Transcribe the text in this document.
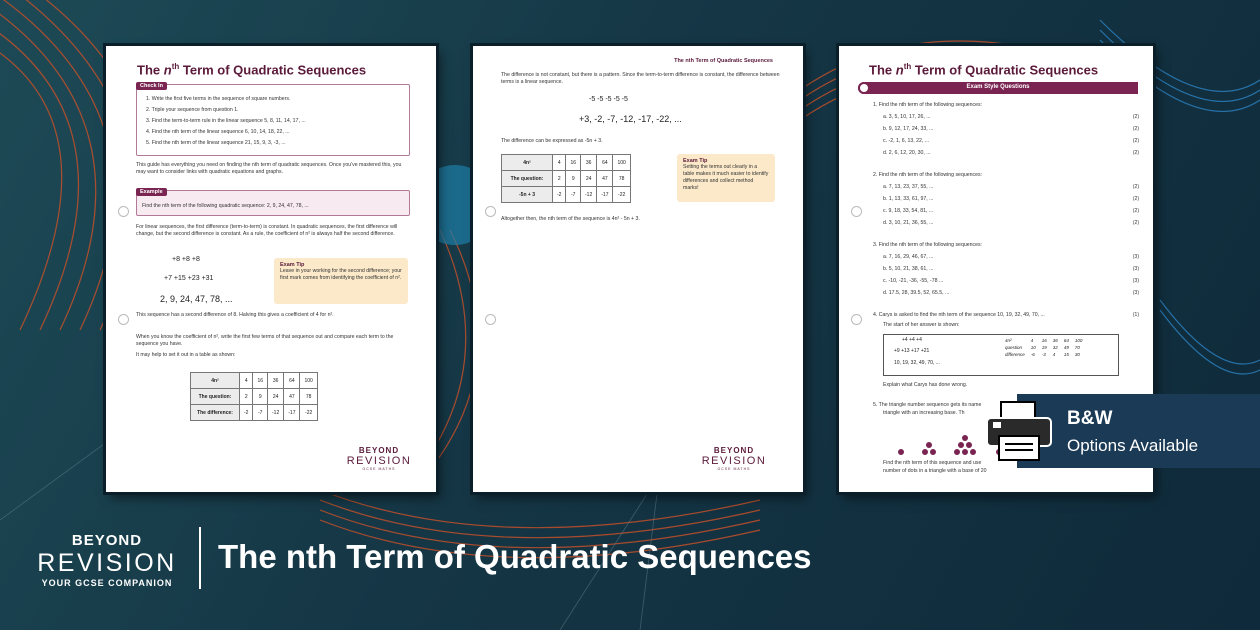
The $n^{th}$ Term of Quadratic Sequences
Check In
1. Write the first five terms in the sequence of square numbers.
2. Triple your sequence from question 1.
3. Find the term-to-term rule in the linear sequence 5, 8, 11, 14, 17, ...
4. Find the nth term of the linear sequence 6, 10, 14, 18, 22, ...
5. Find the nth term of the linear sequence 21, 15, 9, 3, -3, ...
This guide has everything you need on finding the nth term of quadratic sequences. Once you've mastered this, you may want to consider links with quadratic equations and graphs.
Example
Find the nth term of the following quadratic sequence: 2, 9, 24, 47, 78, ...
For linear sequences, the first difference (term-to-term) is constant. In quadratic sequences, the first difference will change, but the second difference is constant. As a rule, the coefficient of n² is always half the second difference.
+8 +8 +8
+7 +15 +23 +31
2, 9, 24, 47, 78, ...
Exam Tip
Leave in your working for the second difference; your first mark comes from identifying the coefficient of n².
This sequence has a second difference of 8. Halving this gives a coefficient of 4 for n².
When you know the coefficient of n², write the first few terms of that sequence out and compare each term to the sequence you have.
It may help to set it out in a table as shown:
4n²	4	16	36	64	100
The question:	2	9	24	47	78
The difference:	-2	-7	-12	-17	-22
BEYOND
REVISION
GCSE MATHS
The nth Term of Quadratic Sequences
The difference is not constant, but there is a pattern. Since the term-to-term difference is constant, the difference between terms is a linear sequence.
-5 -5 -5 -5 -5
+3, -2, -7, -12, -17, -22, ...
The difference can be expressed as -5n + 3.
4n²	4	16	36	64	100
The question:	2	9	24	47	78
-5n + 3	-2	-7	-12	-17	-22
Exam Tip
Setting the terms out clearly in a table makes it much easier to identify differences and collect method marks!
Altogether then, the nth term of the sequence is 4n² - 5n + 3.
BEYOND
REVISION
GCSE MATHS
The $n^{th}$ Term of Quadratic Sequences
Exam Style Questions
1. Find the nth term of the following sequences:
a. 3, 5, 10, 17, 26, ...	(2)
b. 9, 12, 17, 24, 33, ...	(2)
c. -2, 1, 6, 13, 22, ...	(2)
d. 2, 6, 12, 20, 30, ...	(2)
2. Find the nth term of the following sequences:
a. 7, 13, 23, 37, 55, ...	(2)
b. 1, 13, 33, 61, 97, ...	(2)
c. 9, 18, 33, 54, 81, ...	(2)
d. 3, 10, 21, 36, 55, ...	(2)
3. Find the nth term of the following sequences:
a. 7, 16, 29, 46, 67, ...	(3)
b. 5, 10, 21, 38, 61, ...	(3)
c. -10, -21, -36, -55, -78 ...	(3)
d. 17.5, 28, 39.5, 52, 65.5, ...	(3)
4. Carys is asked to find the nth term of the sequence 10, 19, 32, 49, 70, ...	(1)
The start of her answer is shown:
+4 +4 +4
+9 +13 +17 +21
10, 19, 32, 49, 70, ...
4n²	4	16	36	64	100
question	10	19	32	49	70
difference	-6	-3	4	15	30
Explain what Carys has done wrong.
5. The triangle number sequence gets its name
triangle with an increasing base. Th
Find the nth term of this sequence and use
number of dots in a triangle with a base of 20
B&W
Options Available
BEYOND
REVISION
YOUR GCSE COMPANION
The nth Term of Quadratic Sequences
